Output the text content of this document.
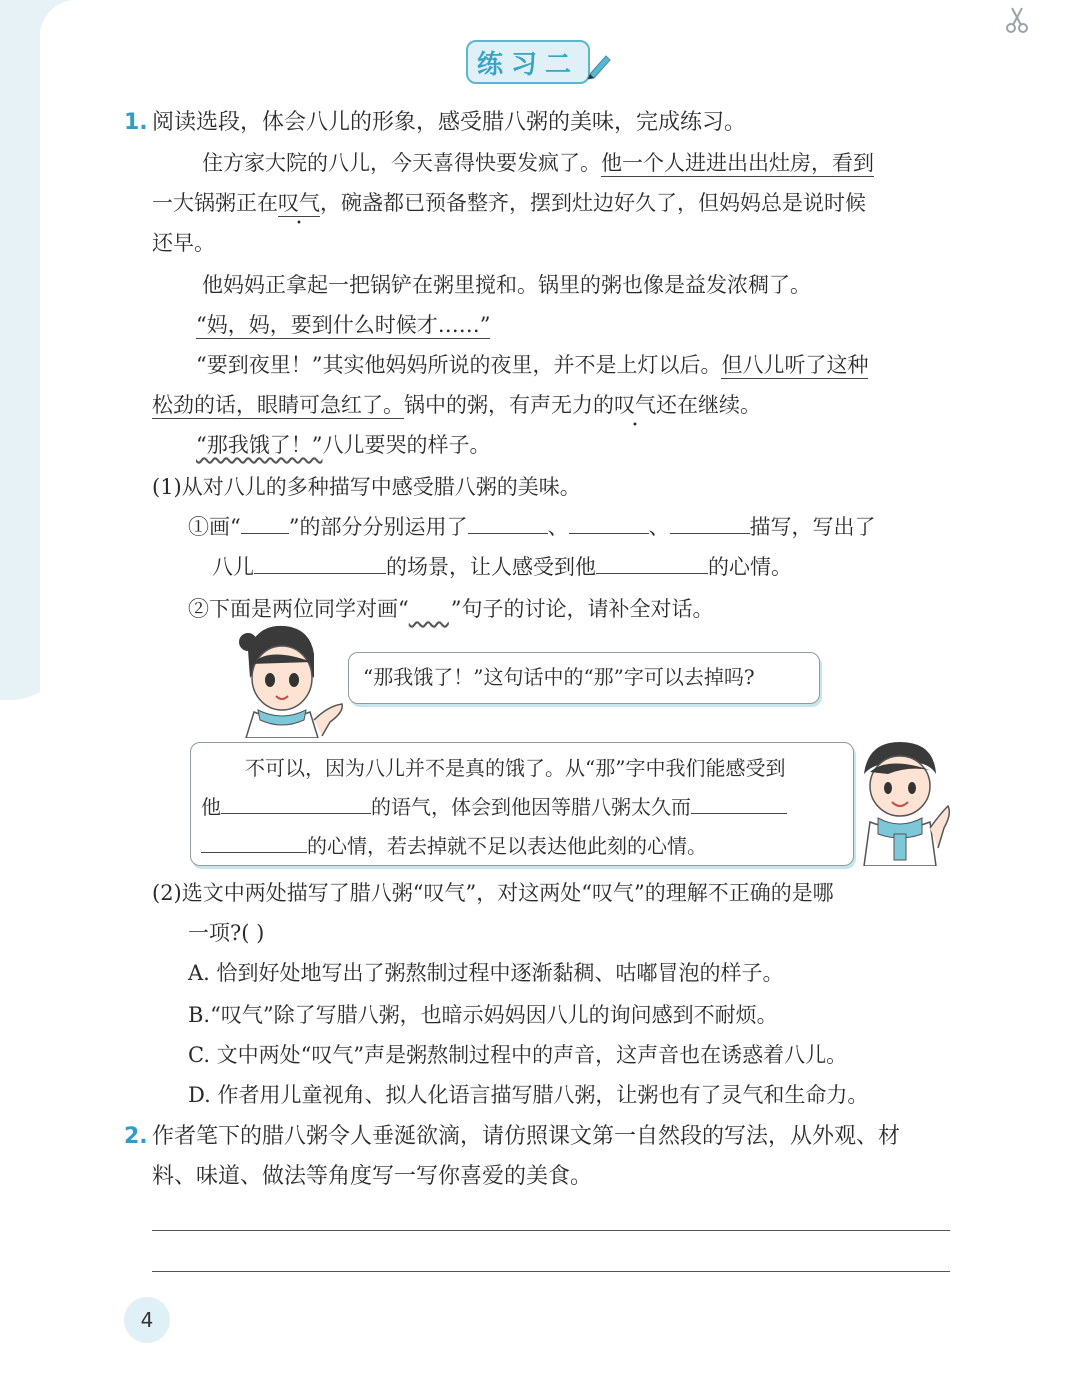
练习二
1. 阅读选段，体会八儿的形象，感受腊八粥的美味，完成练习。
住方家大院的八儿，今天喜得快要发疯了。他一个人进进出出灶房，看到
一大锅粥正在叹气，碗盏都已预备整齐，摆到灶边好久了，但妈妈总是说时候
还早。
他妈妈正拿起一把锅铲在粥里搅和。锅里的粥也像是益发浓稠了。
“妈，妈，要到什么时候才……”
“要到夜里！”其实他妈妈所说的夜里，并不是上灯以后。但八儿听了这种
松劲的话，眼睛可急红了。锅中的粥，有声无力的叹气还在继续。
“那我饿了！”八儿要哭的样子。
(1)从对八儿的多种描写中感受腊八粥的美味。
①画“ ”的部分分别运用了	、	、	描写，写出了
八儿	的场景，让人感受到他	的心情。
②下面是两位同学对画“ ”句子的讨论，请补全对话。
“那我饿了！”这句话中的“那”字可以去掉吗?
不可以，因为八儿并不是真的饿了。从“那”字中我们能感受到
他	的语气，体会到他因等腊八粥太久而
的心情，若去掉就不足以表达他此刻的心情。
(2)选文中两处描写了腊八粥“叹气”，对这两处“叹气”的理解不正确的是哪
一项?( )
A. 恰到好处地写出了粥熬制过程中逐渐黏稠、咕嘟冒泡的样子。
B.“叹气”除了写腊八粥，也暗示妈妈因八儿的询问感到不耐烦。
C. 文中两处“叹气”声是粥熬制过程中的声音，这声音也在诱惑着八儿。
D. 作者用儿童视角、拟人化语言描写腊八粥，让粥也有了灵气和生命力。
2. 作者笔下的腊八粥令人垂涎欲滴，请仿照课文第一自然段的写法，从外观、材
料、味道、做法等角度写一写你喜爱的美食。
4
